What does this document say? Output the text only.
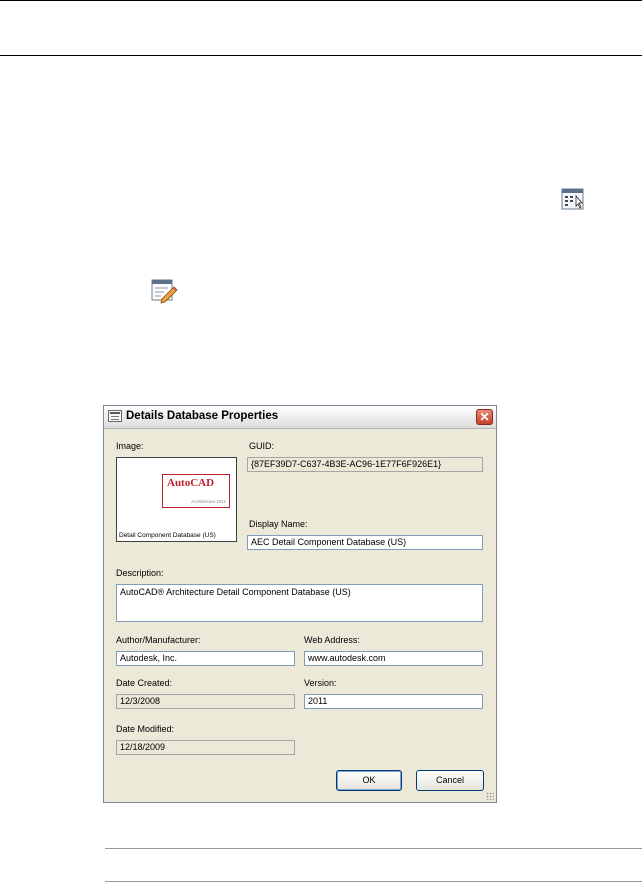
Details Database Properties	✕
Image:
AutoCAD
Architecture 2011
Detail Component Database (US)
GUID:
{87EF39D7-C637-4B3E-AC96-1E77F6F926E1}
Display Name:
AEC Detail Component Database (US)
Description:
AutoCAD® Architecture Detail Component Database (US)
Author/Manufacturer:
Autodesk, Inc.
Web Address:
www.autodesk.com
Date Created:
12/3/2008
Version:
2011
Date Modified:
12/18/2009
OK	Cancel
